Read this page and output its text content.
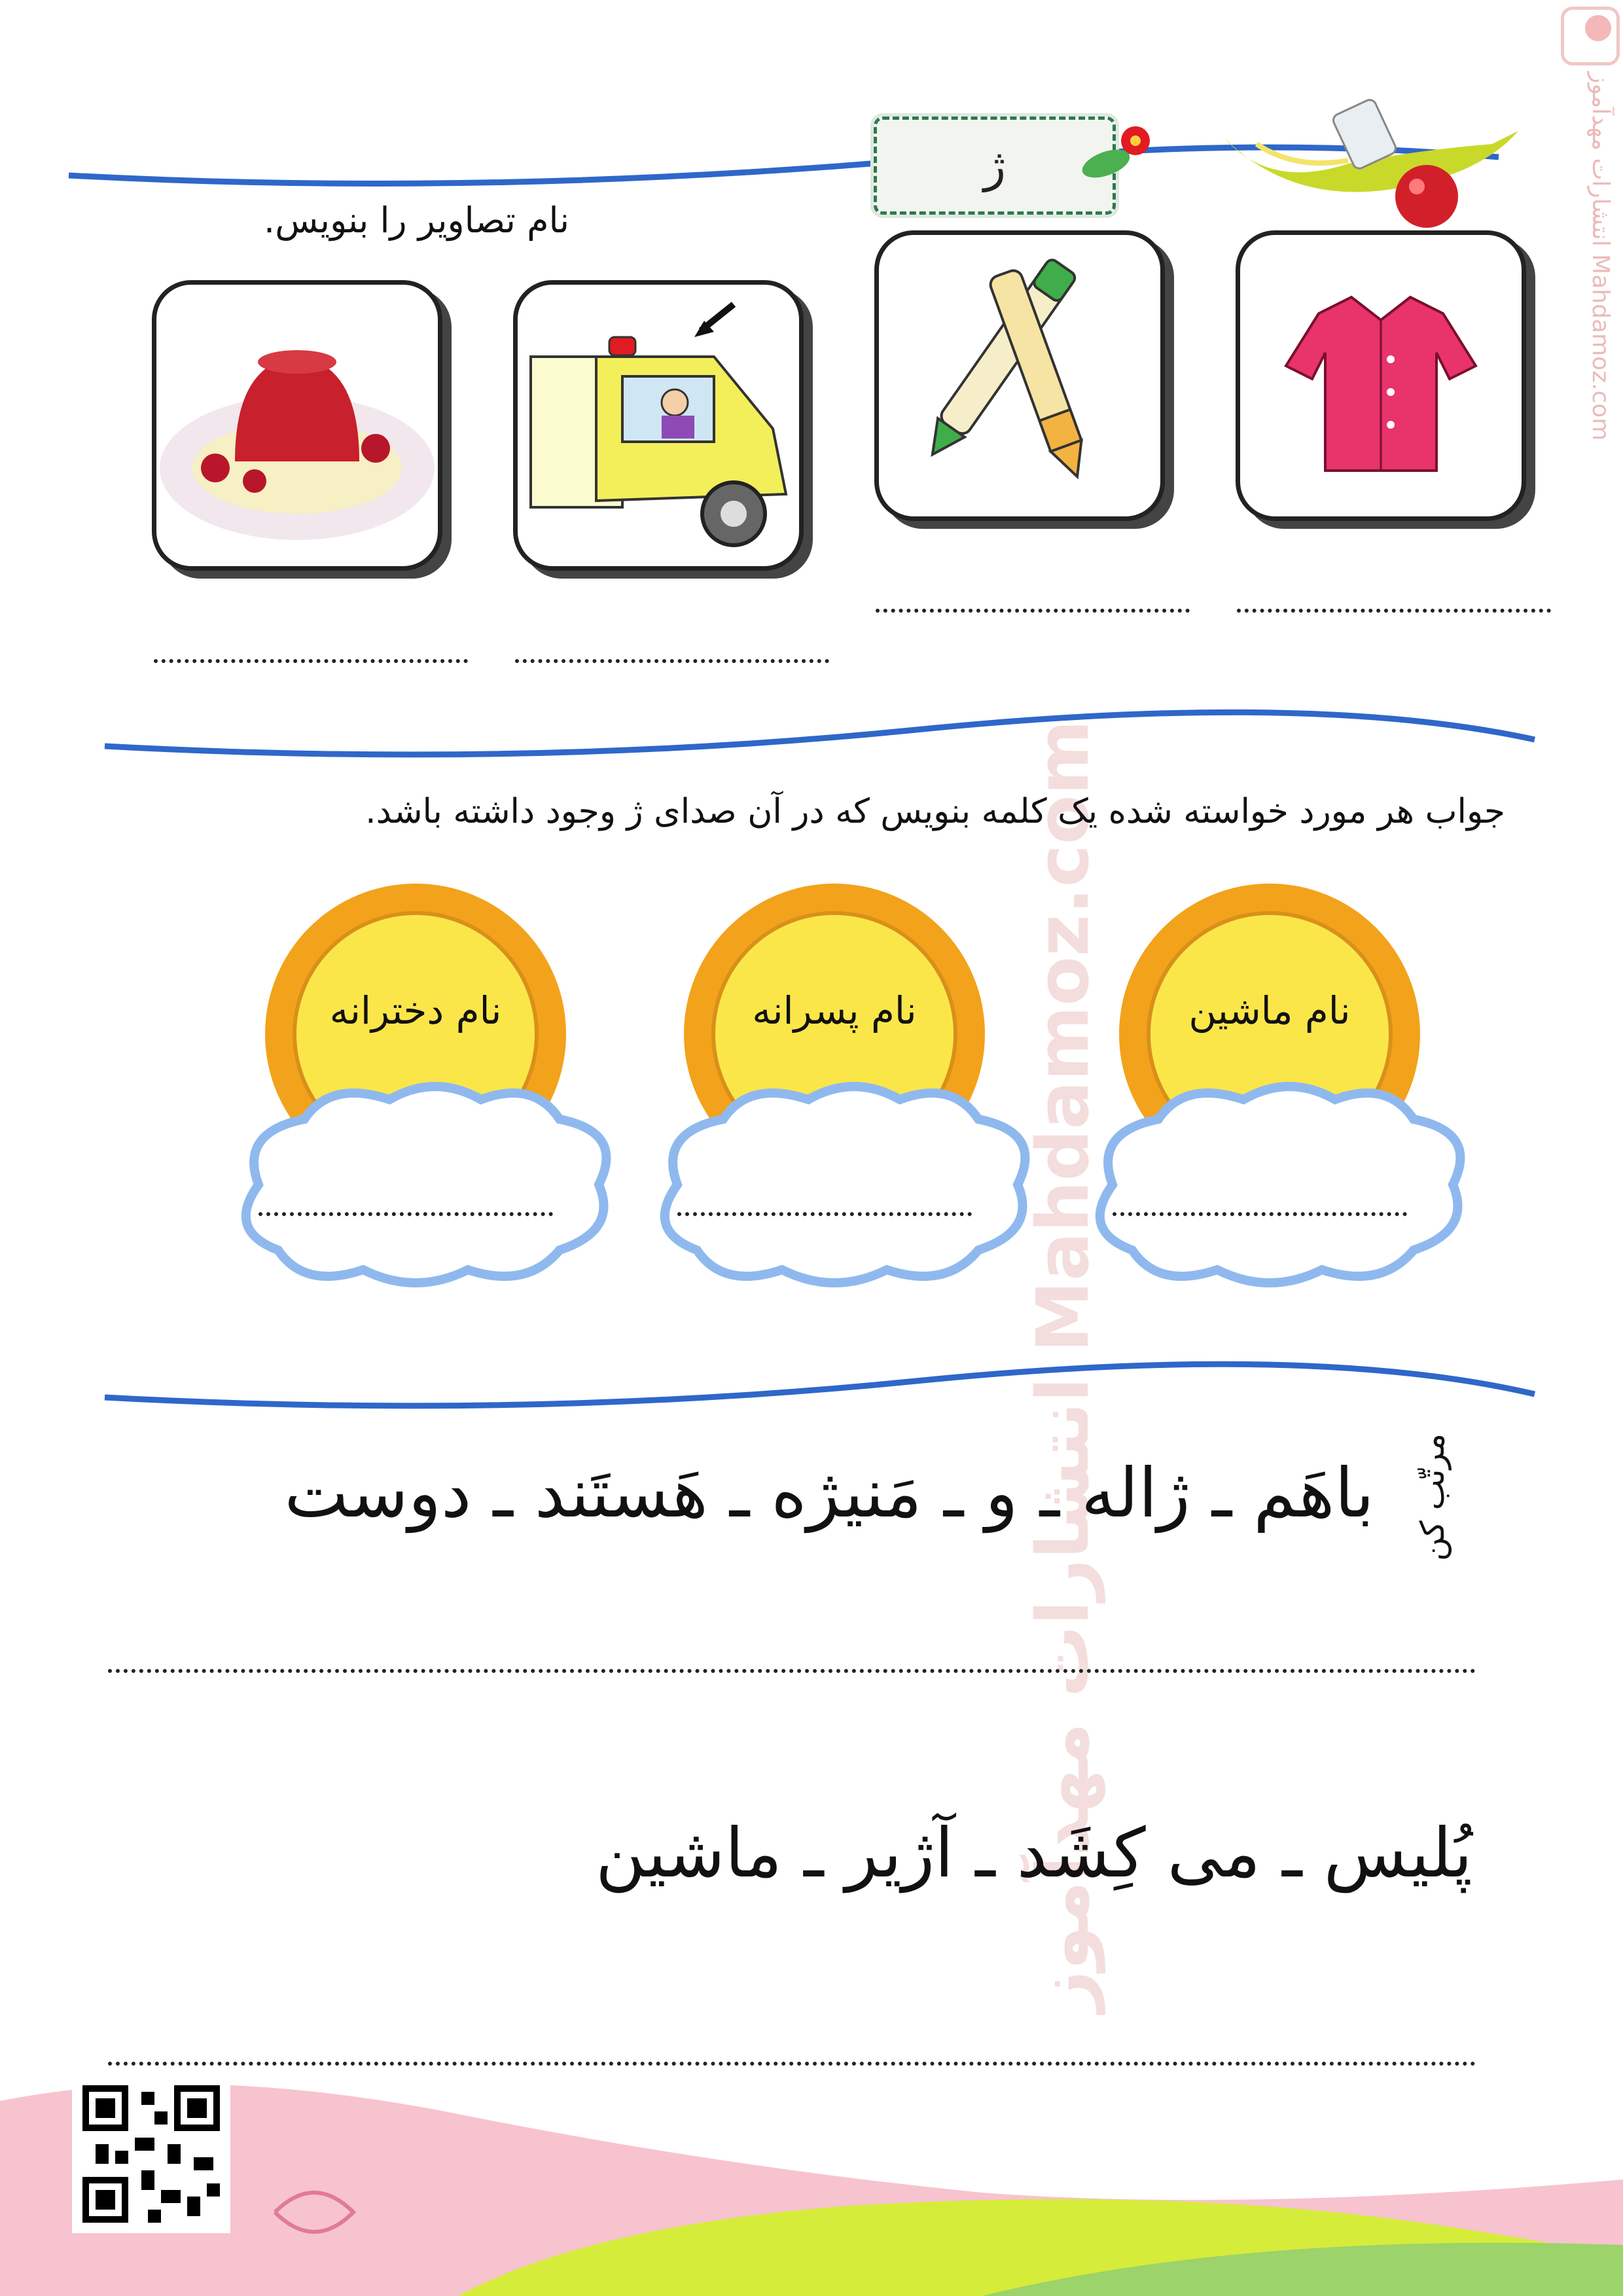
انتشارات مهدآموز Mahdamoz.com
ژ
نام تصاویر را بنویس.
انتشارات مهدآموز Mahdamoz.com
جواب هر مورد خواسته شده یک کلمه بنویس که در آن صدای ژ وجود داشته باشد.
نام ماشین
نام پسرانه
نام دخترانه
مرتّب کن
باهَم ـ ژاله ـ و ـ مَنیژه ـ هَستَند ـ دوست
پُلیس ـ می کِشَد ـ آژیر ـ ماشین
